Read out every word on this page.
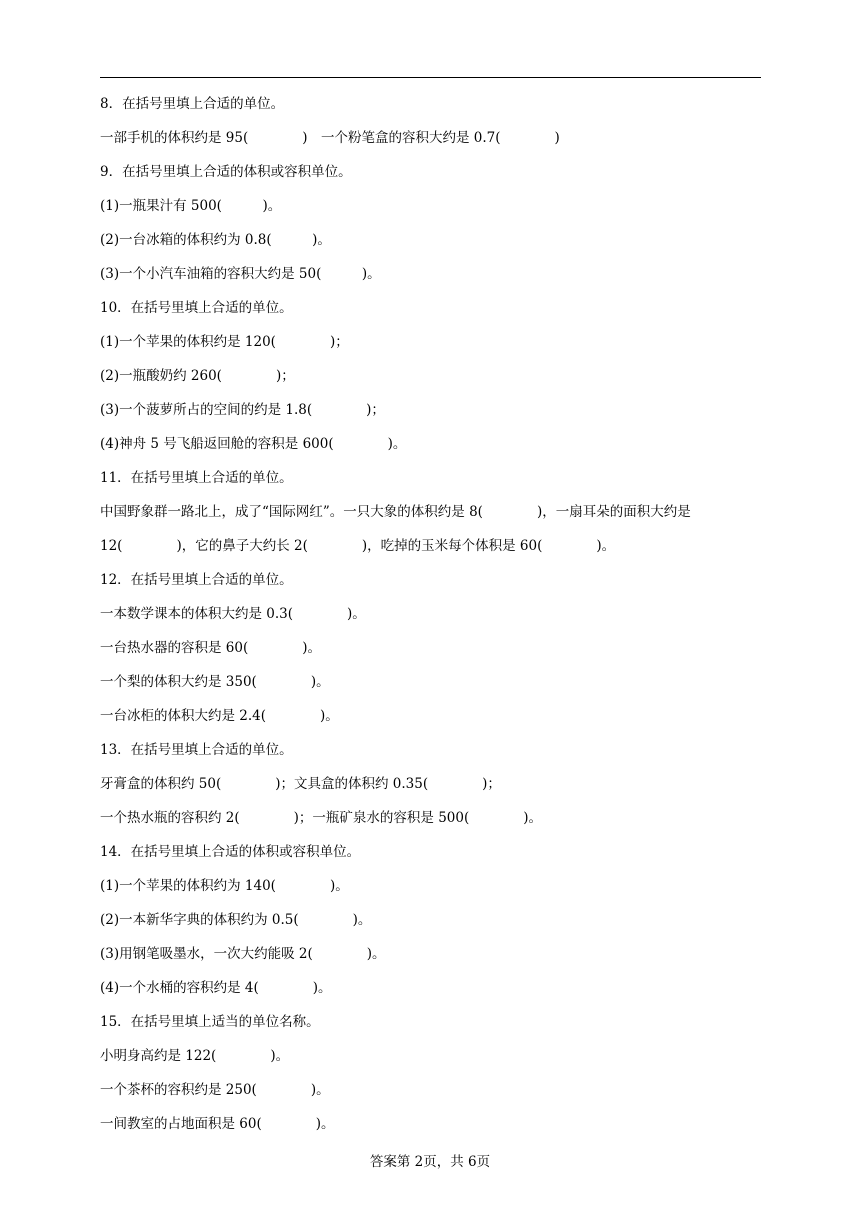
8．在括号里填上合适的单位。
一部手机的体积约是 95(　　　　)　一个粉笔盒的容积大约是 0.7(　　　　)
9．在括号里填上合适的体积或容积单位。
(1)一瓶果汁有 500(　　　)。
(2)一台冰箱的体积约为 0.8(　　　)。
(3)一个小汽车油箱的容积大约是 50(　　　)。
10．在括号里填上合适的单位。
(1)一个苹果的体积约是 120(　　　　)；
(2)一瓶酸奶约 260(　　　　)；
(3)一个菠萝所占的空间的约是 1.8(　　　　)；
(4)神舟 5 号飞船返回舱的容积是 600(　　　　)。
11．在括号里填上合适的单位。
中国野象群一路北上，成了“国际网红”。一只大象的体积约是 8(　　　　)，一扇耳朵的面积大约是 12(　　　　)，它的鼻子大约长 2(　　　　)，吃掉的玉米每个体积是 60(　　　　)。
12．在括号里填上合适的单位。
一本数学课本的体积大约是 0.3(　　　　)。
一台热水器的容积是 60(　　　　)。
一个梨的体积大约是 350(　　　　)。
一台冰柜的体积大约是 2.4(　　　　)。
13．在括号里填上合适的单位。
牙膏盒的体积约 50(　　　　)；文具盒的体积约 0.35(　　　　)；
一个热水瓶的容积约 2(　　　　)；一瓶矿泉水的容积是 500(　　　　)。
14．在括号里填上合适的体积或容积单位。
(1)一个苹果的体积约为 140(　　　　)。
(2)一本新华字典的体积约为 0.5(　　　　)。
(3)用钢笔吸墨水，一次大约能吸 2(　　　　)。
(4)一个水桶的容积约是 4(　　　　)。
15．在括号里填上适当的单位名称。
小明身高约是 122(　　　　)。
一个茶杯的容积约是 250(　　　　)。
一间教室的占地面积是 60(　　　　)。
答案第 2页，共 6页
